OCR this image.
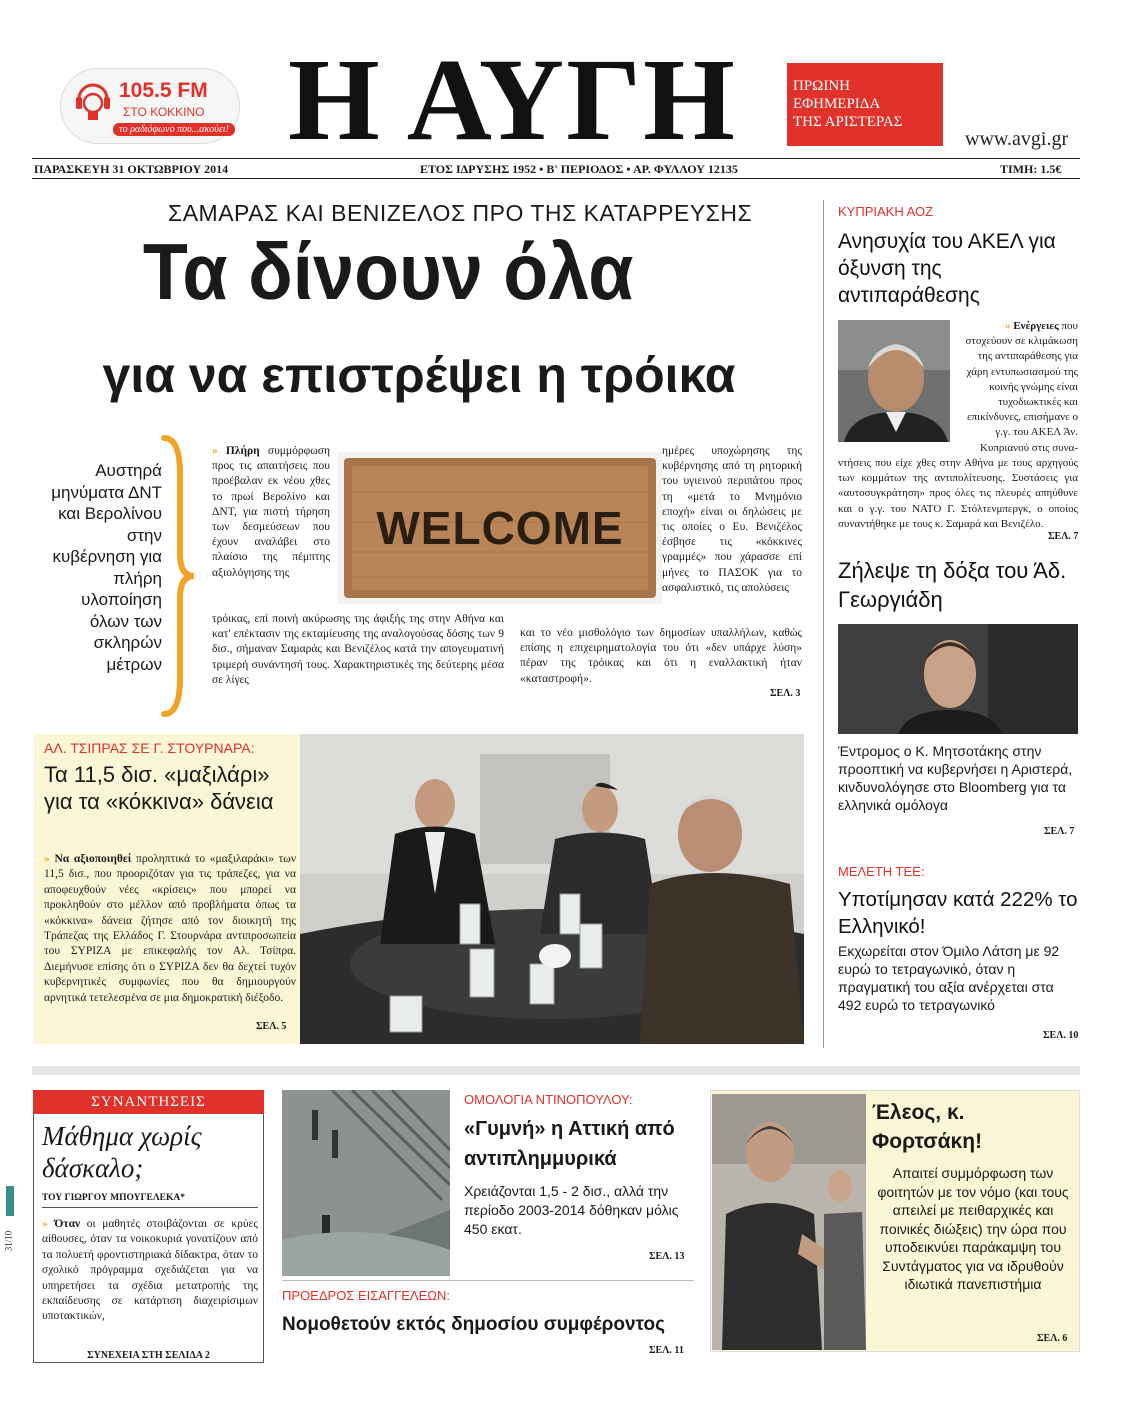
105.5 FM
ΣΤΟ ΚΟΚΚΙΝΟ
το ραδιόφωνο που...ακούει! Η ΑΥΓΗ	ΠΡΩΙΝΗ
ΕΦΗΜΕΡΙΔΑ
ΤΗΣ ΑΡΙΣΤΕΡΑΣ
www.avgi.gr
ΠΑΡΑΣΚΕΥΗ 31 ΟΚΤΩΒΡΙΟΥ 2014	ΕΤΟΣ ΙΔΡΥΣΗΣ 1952 • Β' ΠΕΡΙΟΔΟΣ • ΑΡ. ΦΥΛΛΟΥ 12135	ΤΙΜΗ: 1.5€
ΣΑΜΑΡΑΣ ΚΑΙ ΒΕΝΙΖΕΛΟΣ ΠΡΟ ΤΗΣ ΚΑΤΑΡΡΕΥΣΗΣ
Τα δίνουν όλα
για να επιστρέψει η τρόικα
Αυστηρά μηνύματα ΔΝΤ και Βερολίνου στην κυβέρνηση για πλήρη υλοποίηση όλων των σκληρών μέτρων
» Πλήρη συμμόρφωση προς τις απαιτήσεις που προέβαλαν εκ νέου χθες το πρωί Βερολίνο και ΔΝΤ, για πιστή τήρηση των δεσμεύσεων που έχουν αναλάβει στο πλαίσιο της πέμπτης αξιολόγησης της
WELCOME
τρόικας, επί ποινή ακύρωσης της άφιξής της στην Αθήνα και κατ' επέκτασιν της εκταμίευσης της αναλογούσας δόσης των 9 δισ., σήμαναν Σαμαράς και Βενιζέλος κατά την απογευματινή τριμερή συνάντησή τους. Χαρακτηριστικές της δεύτερης μέσα σε λίγες
ημέρες υποχώρησης της κυβέρνησης από τη ρητορική του υγιεινού περιπάτου προς τη «μετά το Μνημόνιο εποχή» είναι οι δηλώσεις με τις οποίες ο Ευ. Βενιζέλος έσβησε τις «κόκκινες γραμμές» που χάρασσε επί μήνες το ΠΑΣΟΚ για το ασφαλιστικό, τις απολύσεις
και το νέο μισθολόγιο των δημοσίων υπαλλήλων, καθώς επίσης η επιχειρηματολογία του ότι «δεν υπάρχε λύση» πέραν της τρόικας και ότι η εναλλακτική ήταν «καταστροφή».
ΣΕΛ. 3
ΚΥΠΡΙΑΚΗ ΑΟΖ
Ανησυχία του ΑΚΕΛ για όξυνση της αντιπαράθεσης
» Ενέργειες που στοχεύουν σε κλιμάκωση της αντιπαράθεσης για χάρη εντυπωσιασμού της κοινής γνώμης είναι τυχοδιωκτικές και επικίνδυνες, επισήμανε ο γ.γ. του ΑΚΕΛ Άν. Κυπριανού στις συνα-
ντήσεις που είχε χθες στην Αθήνα με τους αρχηγούς των κομμάτων της αντιπολίτευσης. Συστάσεις για «αυτοσυγκράτηση» προς όλες τις πλευρές απηύθυνε και ο γ.γ. του ΝΑΤΟ Γ. Στόλτενμπεργκ, ο οποίος συναντήθηκε με τους κ. Σαμαρά και Βενιζέλο.
ΣΕΛ. 7
Ζήλεψε τη δόξα του Άδ. Γεωργιάδη
Έντρομος ο Κ. Μητσοτάκης στην προοπτική να κυβερνήσει η Αριστερά, κινδυνολόγησε στο Bloomberg για τα ελληνικά ομόλογα
ΣΕΛ. 7
ΜΕΛΕΤΗ ΤΕΕ:
Υποτίμησαν κατά 222% το Ελληνικό!
Εκχωρείται στον Όμιλο Λάτση με 92 ευρώ το τετραγωνικό, όταν η πραγματική του αξία ανέρχεται στα 492 ευρώ το τετραγωνικό
ΣΕΛ. 10
ΑΛ. ΤΣΙΠΡΑΣ ΣΕ Γ. ΣΤΟΥΡΝΑΡΑ:
Τα 11,5 δισ. «μαξιλάρι» για τα «κόκκινα» δάνεια
» Να αξιοποιηθεί προληπτικά το «μαξιλαράκι» των 11,5 δισ., που προοριζόταν για τις τράπεζες, για να αποφευχθούν νέες «κρίσεις» που μπορεί να προκληθούν στο μέλλον από προβλήματα όπως τα «κόκκινα» δάνεια ζήτησε από τον διοικητή της Τράπεζας της Ελλάδος Γ. Στουρνάρα αντιπροσωπεία του ΣΥΡΙΖΑ με επικεφαλής τον Αλ. Τσίπρα. Διεμήνυσε επίσης ότι ο ΣΥΡΙΖΑ δεν θα δεχτεί τυχόν κυβερνητικές συμφωνίες που θα δημιουργούν αρνητικά τετελεσμένα σε μια δημοκρατική διέξοδο.
ΣΕΛ. 5
ΣΥΝΑΝΤΗΣΕΙΣ
Μάθημα χωρίς δάσκαλο;
ΤΟΥ ΓΙΩΡΓΟΥ ΜΠΟΥΓΕΛΕΚΑ*
» Όταν οι μαθητές στοιβάζονται σε κρύες αίθουσες, όταν τα νοικοκυριά γονατίζουν από τα πολυετή φροντιστηριακά δίδακτρα, όταν το σχολικό πρόγραμμα σχεδιάζεται για να υπηρετήσει τα σχέδια μετατροπής της εκπαίδευσης σε κατάρτιση διαχειρίσιμων υποτακτικών,
ΣΥΝΕΧΕΙΑ ΣΤΗ ΣΕΛΙΔΑ 2
ΟΜΟΛΟΓΙΑ ΝΤΙΝΟΠΟΥΛΟΥ:
«Γυμνή» η Αττική από αντιπλημμυρικά
Χρειάζονται 1,5 - 2 δισ., αλλά την περίοδο 2003-2014 δόθηκαν μόλις 450 εκατ.
ΣΕΛ. 13
ΠΡΟΕΔΡΟΣ ΕΙΣΑΓΓΕΛΕΩΝ:
Νομοθετούν εκτός δημοσίου συμφέροντος
ΣΕΛ. 11
Έλεος, κ. Φορτσάκη!
Απαιτεί συμμόρφωση των φοιτητών με τον νόμο (και τους απειλεί με πειθαρχικές και ποινικές διώξεις) την ώρα που υποδεικνύει παράκαμψη του Συντάγματος για να ιδρυθούν ιδιωτικά πανεπιστήμια
ΣΕΛ. 6
31/10
